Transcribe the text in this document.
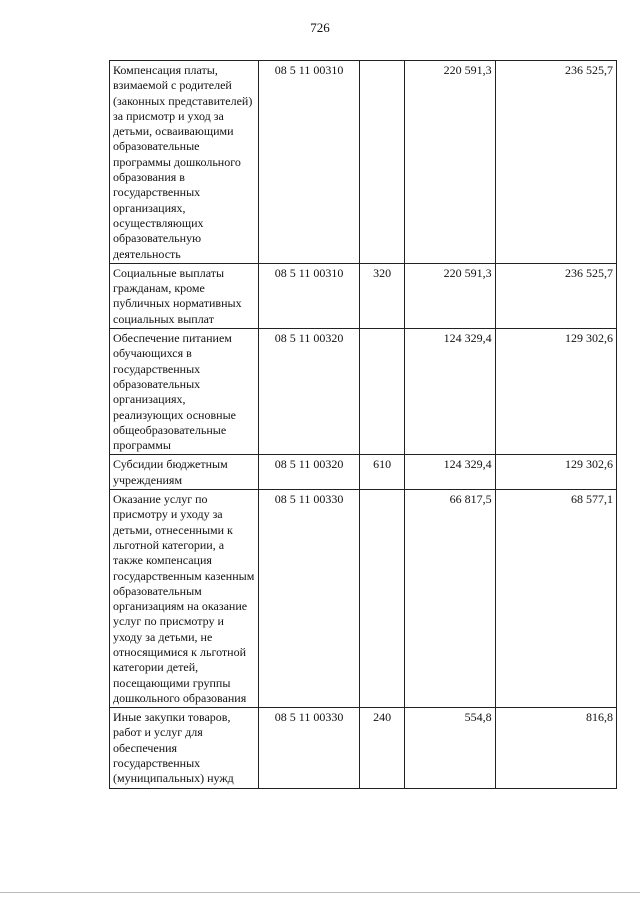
726
Компенсация платы, взимаемой с родителей (законных представителей) за присмотр и уход за детьми, осваивающими образовательные программы дошкольного образования в государственных организациях, осуществляющих образовательную деятельность	08 5 11 00310		220 591,3	236 525,7
Социальные выплаты гражданам, кроме публичных нормативных социальных выплат	08 5 11 00310	320	220 591,3	236 525,7
Обеспечение питанием обучающихся в государственных образовательных организациях, реализующих основные общеобразовательные программы	08 5 11 00320		124 329,4	129 302,6
Субсидии бюджетным учреждениям	08 5 11 00320	610	124 329,4	129 302,6
Оказание услуг по присмотру и уходу за детьми, отнесенными к льготной категории, а также компенсация государственным казенным образовательным организациям на оказание услуг по присмотру и уходу за детьми, не относящимися к льготной категории детей, посещающими группы дошкольного образования	08 5 11 00330		66 817,5	68 577,1
Иные закупки товаров, работ и услуг для обеспечения государственных (муниципальных) нужд	08 5 11 00330	240	554,8	816,8
